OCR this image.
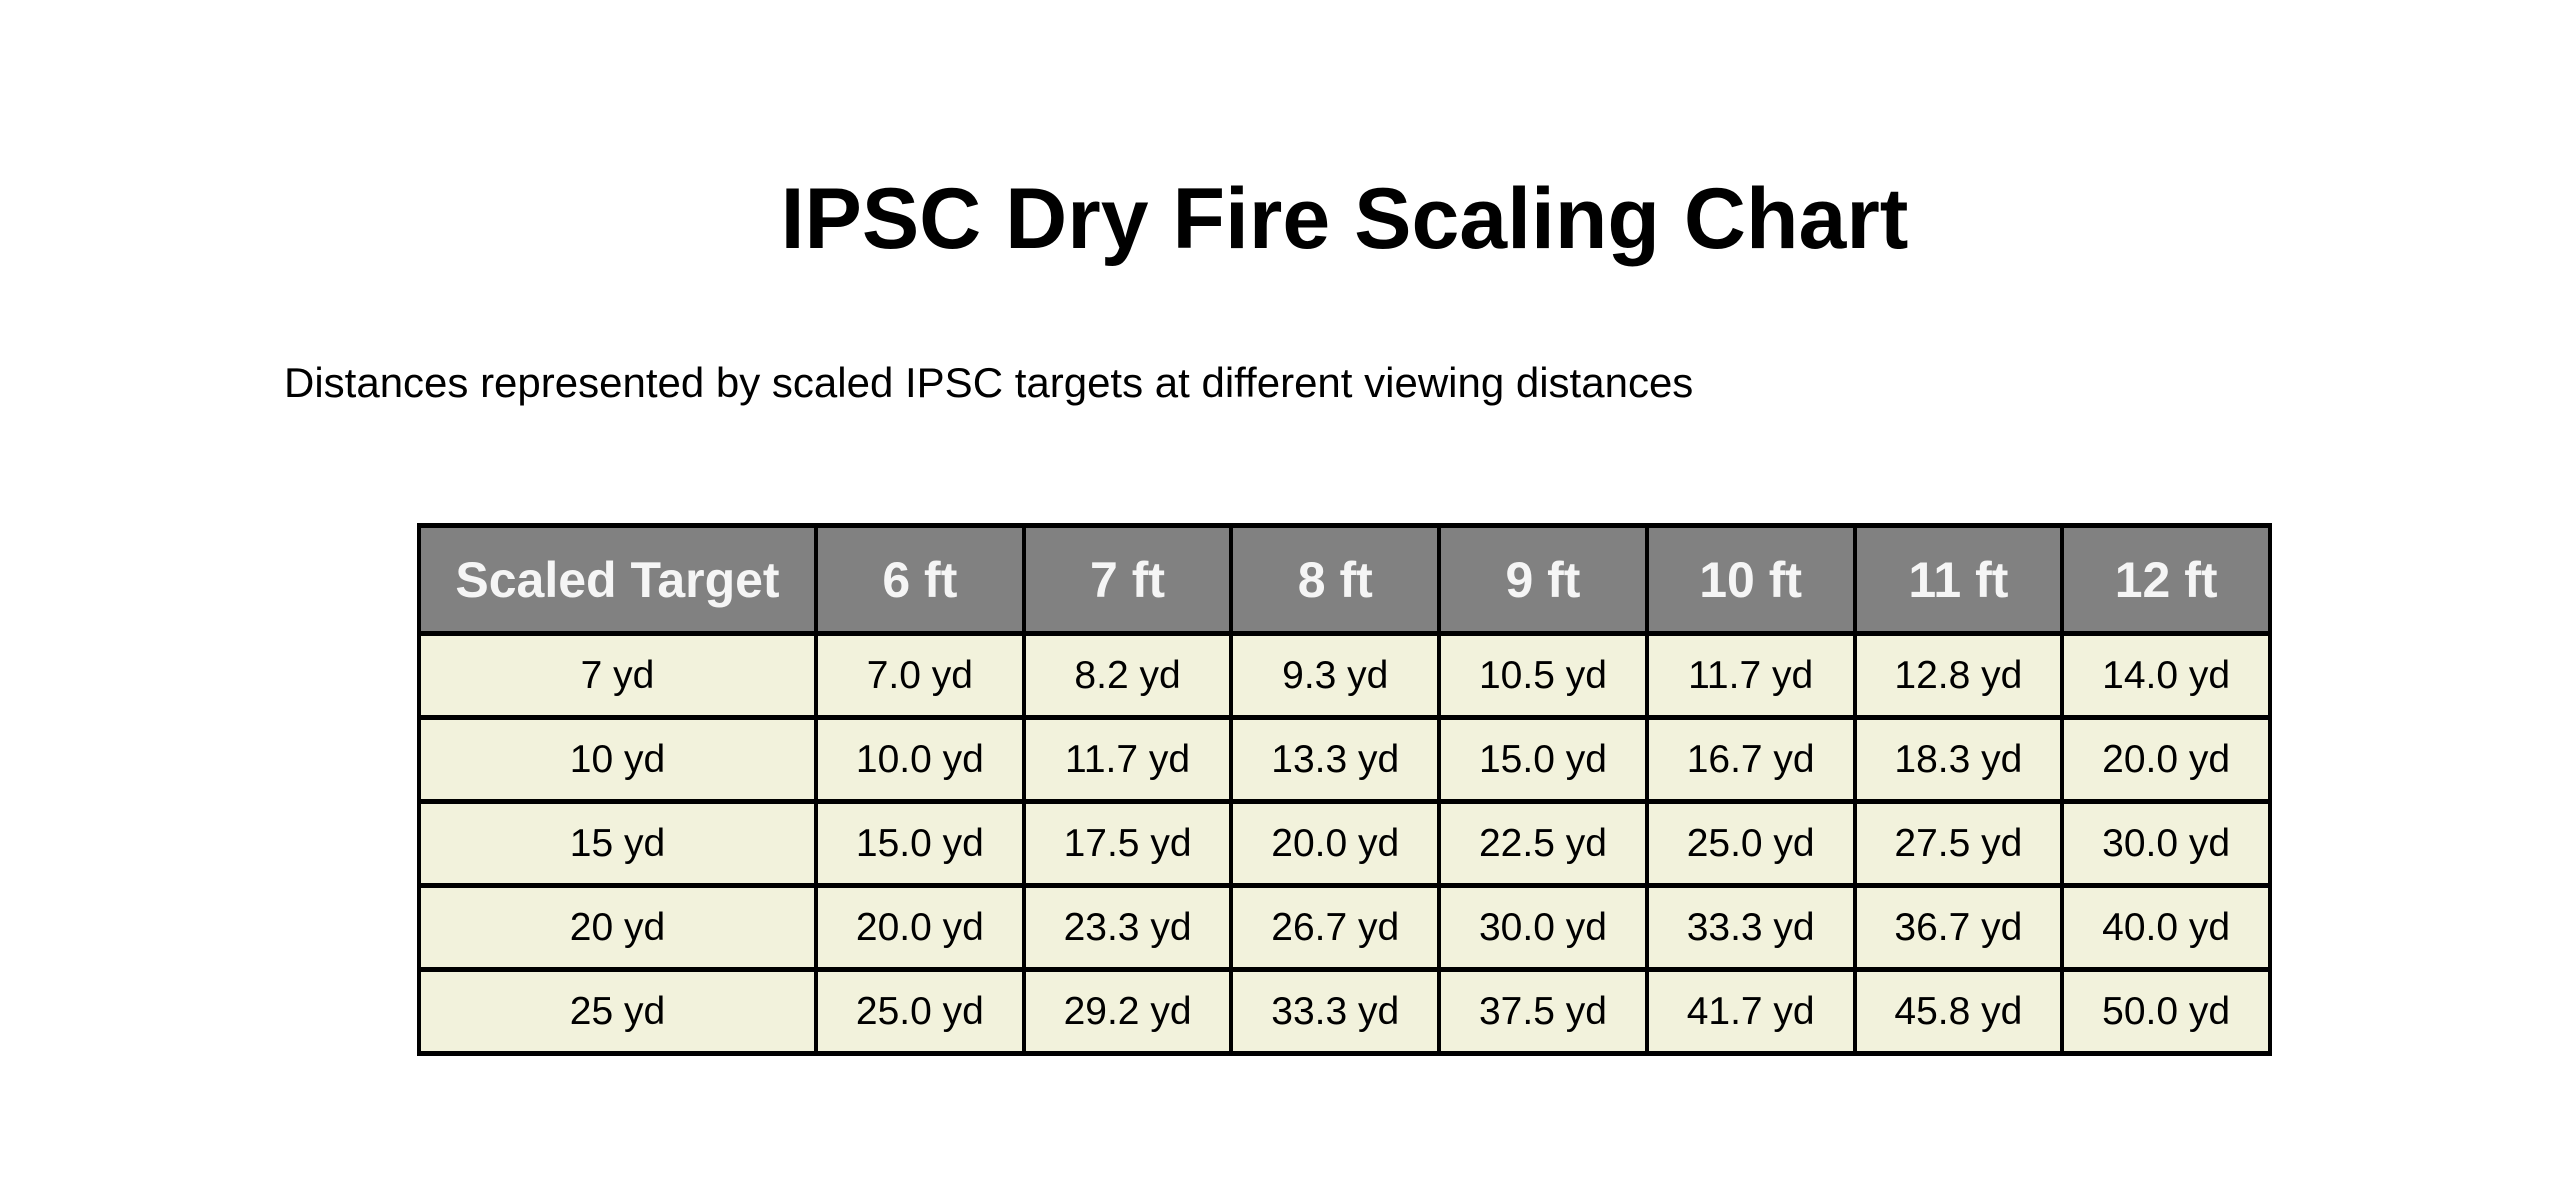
IPSC Dry Fire Scaling Chart
Distances represented by scaled IPSC targets at different viewing distances
Scaled Target	6 ft	7 ft	8 ft	9 ft	10 ft	11 ft	12 ft
7 yd	7.0 yd	8.2 yd	9.3 yd	10.5 yd	11.7 yd	12.8 yd	14.0 yd
10 yd	10.0 yd	11.7 yd	13.3 yd	15.0 yd	16.7 yd	18.3 yd	20.0 yd
15 yd	15.0 yd	17.5 yd	20.0 yd	22.5 yd	25.0 yd	27.5 yd	30.0 yd
20 yd	20.0 yd	23.3 yd	26.7 yd	30.0 yd	33.3 yd	36.7 yd	40.0 yd
25 yd	25.0 yd	29.2 yd	33.3 yd	37.5 yd	41.7 yd	45.8 yd	50.0 yd
